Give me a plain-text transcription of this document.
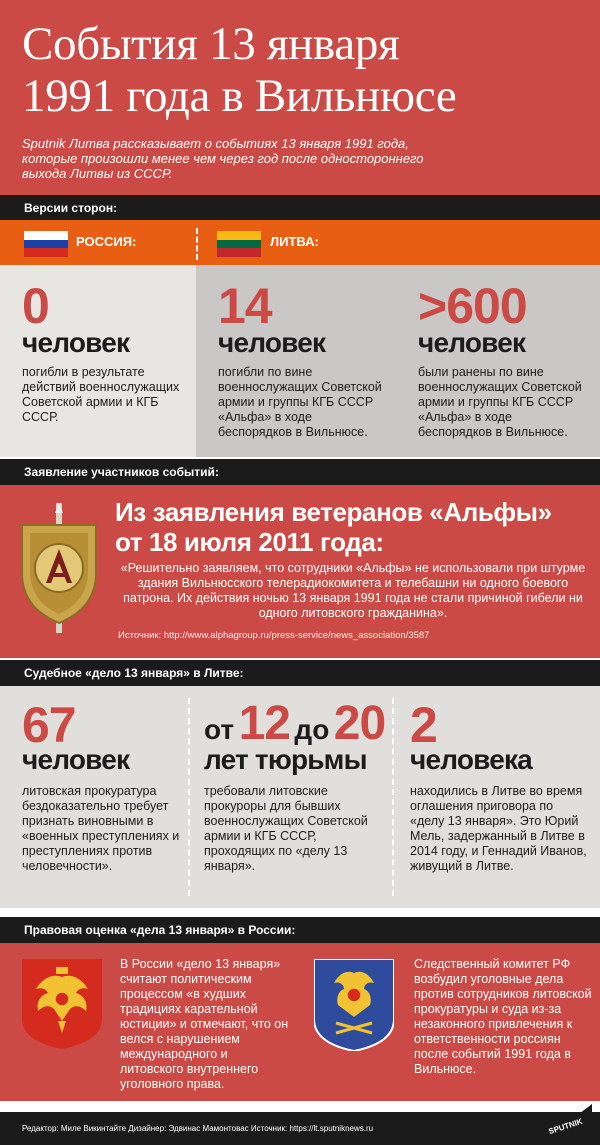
События 13 января
1991 года в Вильнюсе
Sputnik Литва рассказывает о событиях 13 января 1991 года, которые произошли менее чем через год после одностороннего выхода Литвы из СССР.
Версии сторон:
РОССИЯ:	ЛИТВА:
0
человек
погибли в результате действий военнослужащих Советской армии и КГБ СССР.
14
человек
погибли по вине военнослужащих Советской армии и группы КГБ СССР «Альфа» в ходе беспорядков в Вильнюсе.
>600
человек
были ранены по вине военнослужащих Советской армии и группы КГБ СССР «Альфа» в ходе беспорядков в Вильнюсе.
Заявление участников событий:
Из заявления ветеранов «Альфы»
от 18 июля 2011 года:
«Решительно заявляем, что сотрудники «Альфы» не использовали при штурме здания Вильнюсского телерадиокомитета и телебашни ни одного боевого патрона. Их действия ночью 13 января 1991 года не стали причиной гибели ни одного литовского гражданина».
Источник: http://www.alphagroup.ru/press-service/news_association/3587
Судебное «дело 13 января» в Литве:
67
человек
литовская прокуратура бездоказательно требует признать виновными в «военных преступлениях и преступлениях против человечности».
от 12 до 20
лет тюрьмы
требовали литовские прокуроры для бывших военнослужащих Советской армии и КГБ СССР, проходящих по «делу 13 января».
2
человека
находились в Литве во время оглашения приговора по «делу 13 января». Это Юрий Мель, задержанный в Литве в 2014 году, и Геннадий Иванов, живущий в Литве.
Правовая оценка «дела 13 января» в России:
В России «дело 13 января» считают политическим процессом «в худших традициях карательной юстиции» и отмечают, что он велся с нарушением международного и литовского внутреннего уголовного права.
Следственный комитет РФ возбудил уголовные дела против сотрудников литовской прокуратуры и суда из-за незаконного привлечения к ответственности россиян после событий 1991 года в Вильнюсе.
Редактор: Миле Викинтайте Дизайнер: Эдвинас Мамонтовас Источник: https://lt.sputniknews.ru	SPUTNIK
